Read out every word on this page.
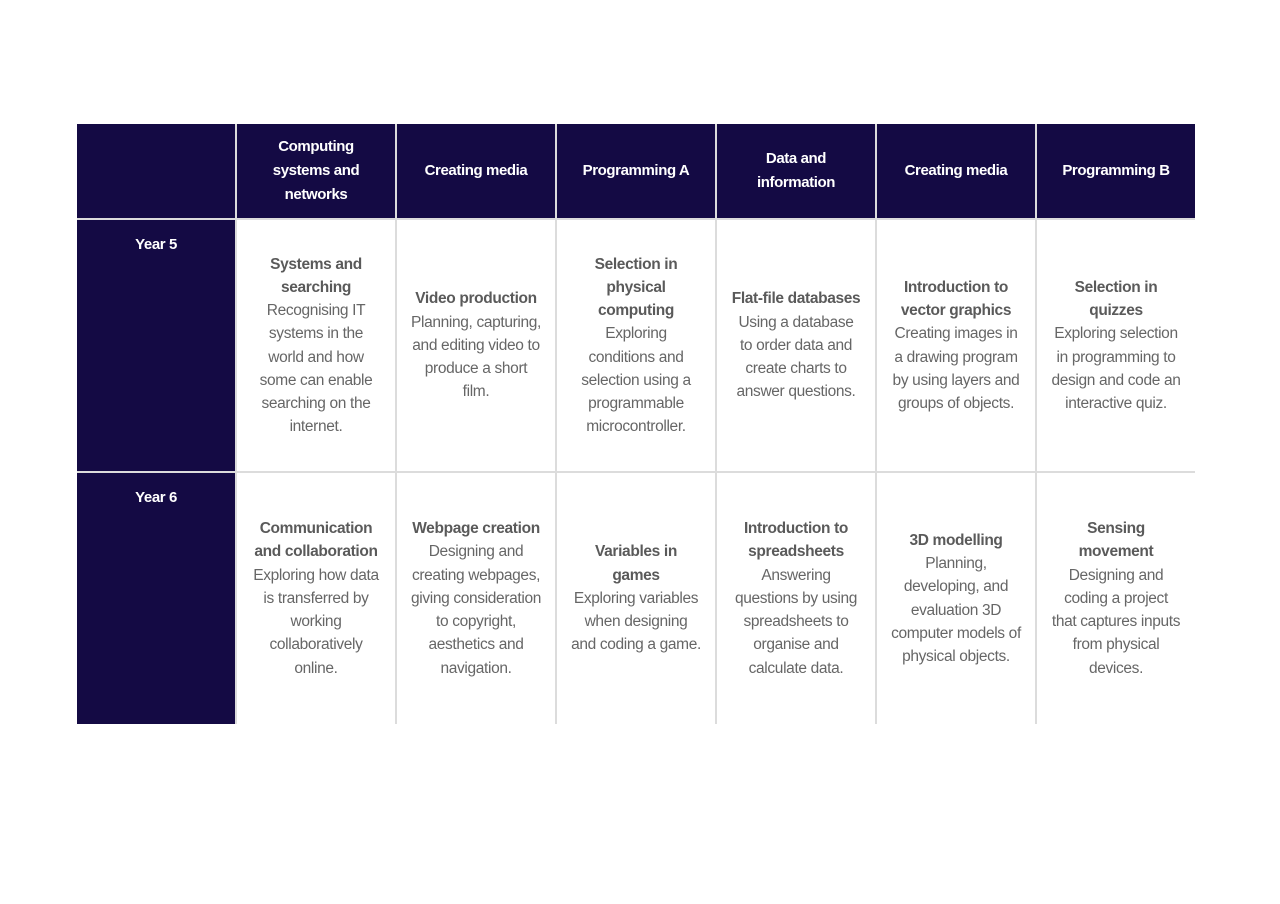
Computing systems and networks
Creating media	Programming A
Data and information
Creating media	Programming B
Year 5
Systems and searching
Recognising IT systems in the world and how some can enable searching on the internet.
Video production
Planning, capturing, and editing video to produce a short film.
Selection in physical computing
Exploring conditions and selection using a programmable microcontroller.
Flat-file databases
Using a database to order data and create charts to answer questions.
Introduction to vector graphics
Creating images in a drawing program by using layers and groups of objects.
Selection in quizzes
Exploring selection in programming to design and code an interactive quiz.
Year 6
Communication and collaboration
Exploring how data is transferred by working collaboratively online.
Webpage creation
Designing and creating webpages, giving consideration to copyright, aesthetics and navigation.
Variables in games
Exploring variables when designing and coding a game.
Introduction to spreadsheets
Answering questions by using spreadsheets to organise and calculate data.
3D modelling
Planning, developing, and evaluation 3D computer models of physical objects.
Sensing movement
Designing and coding a project that captures inputs from physical devices.
